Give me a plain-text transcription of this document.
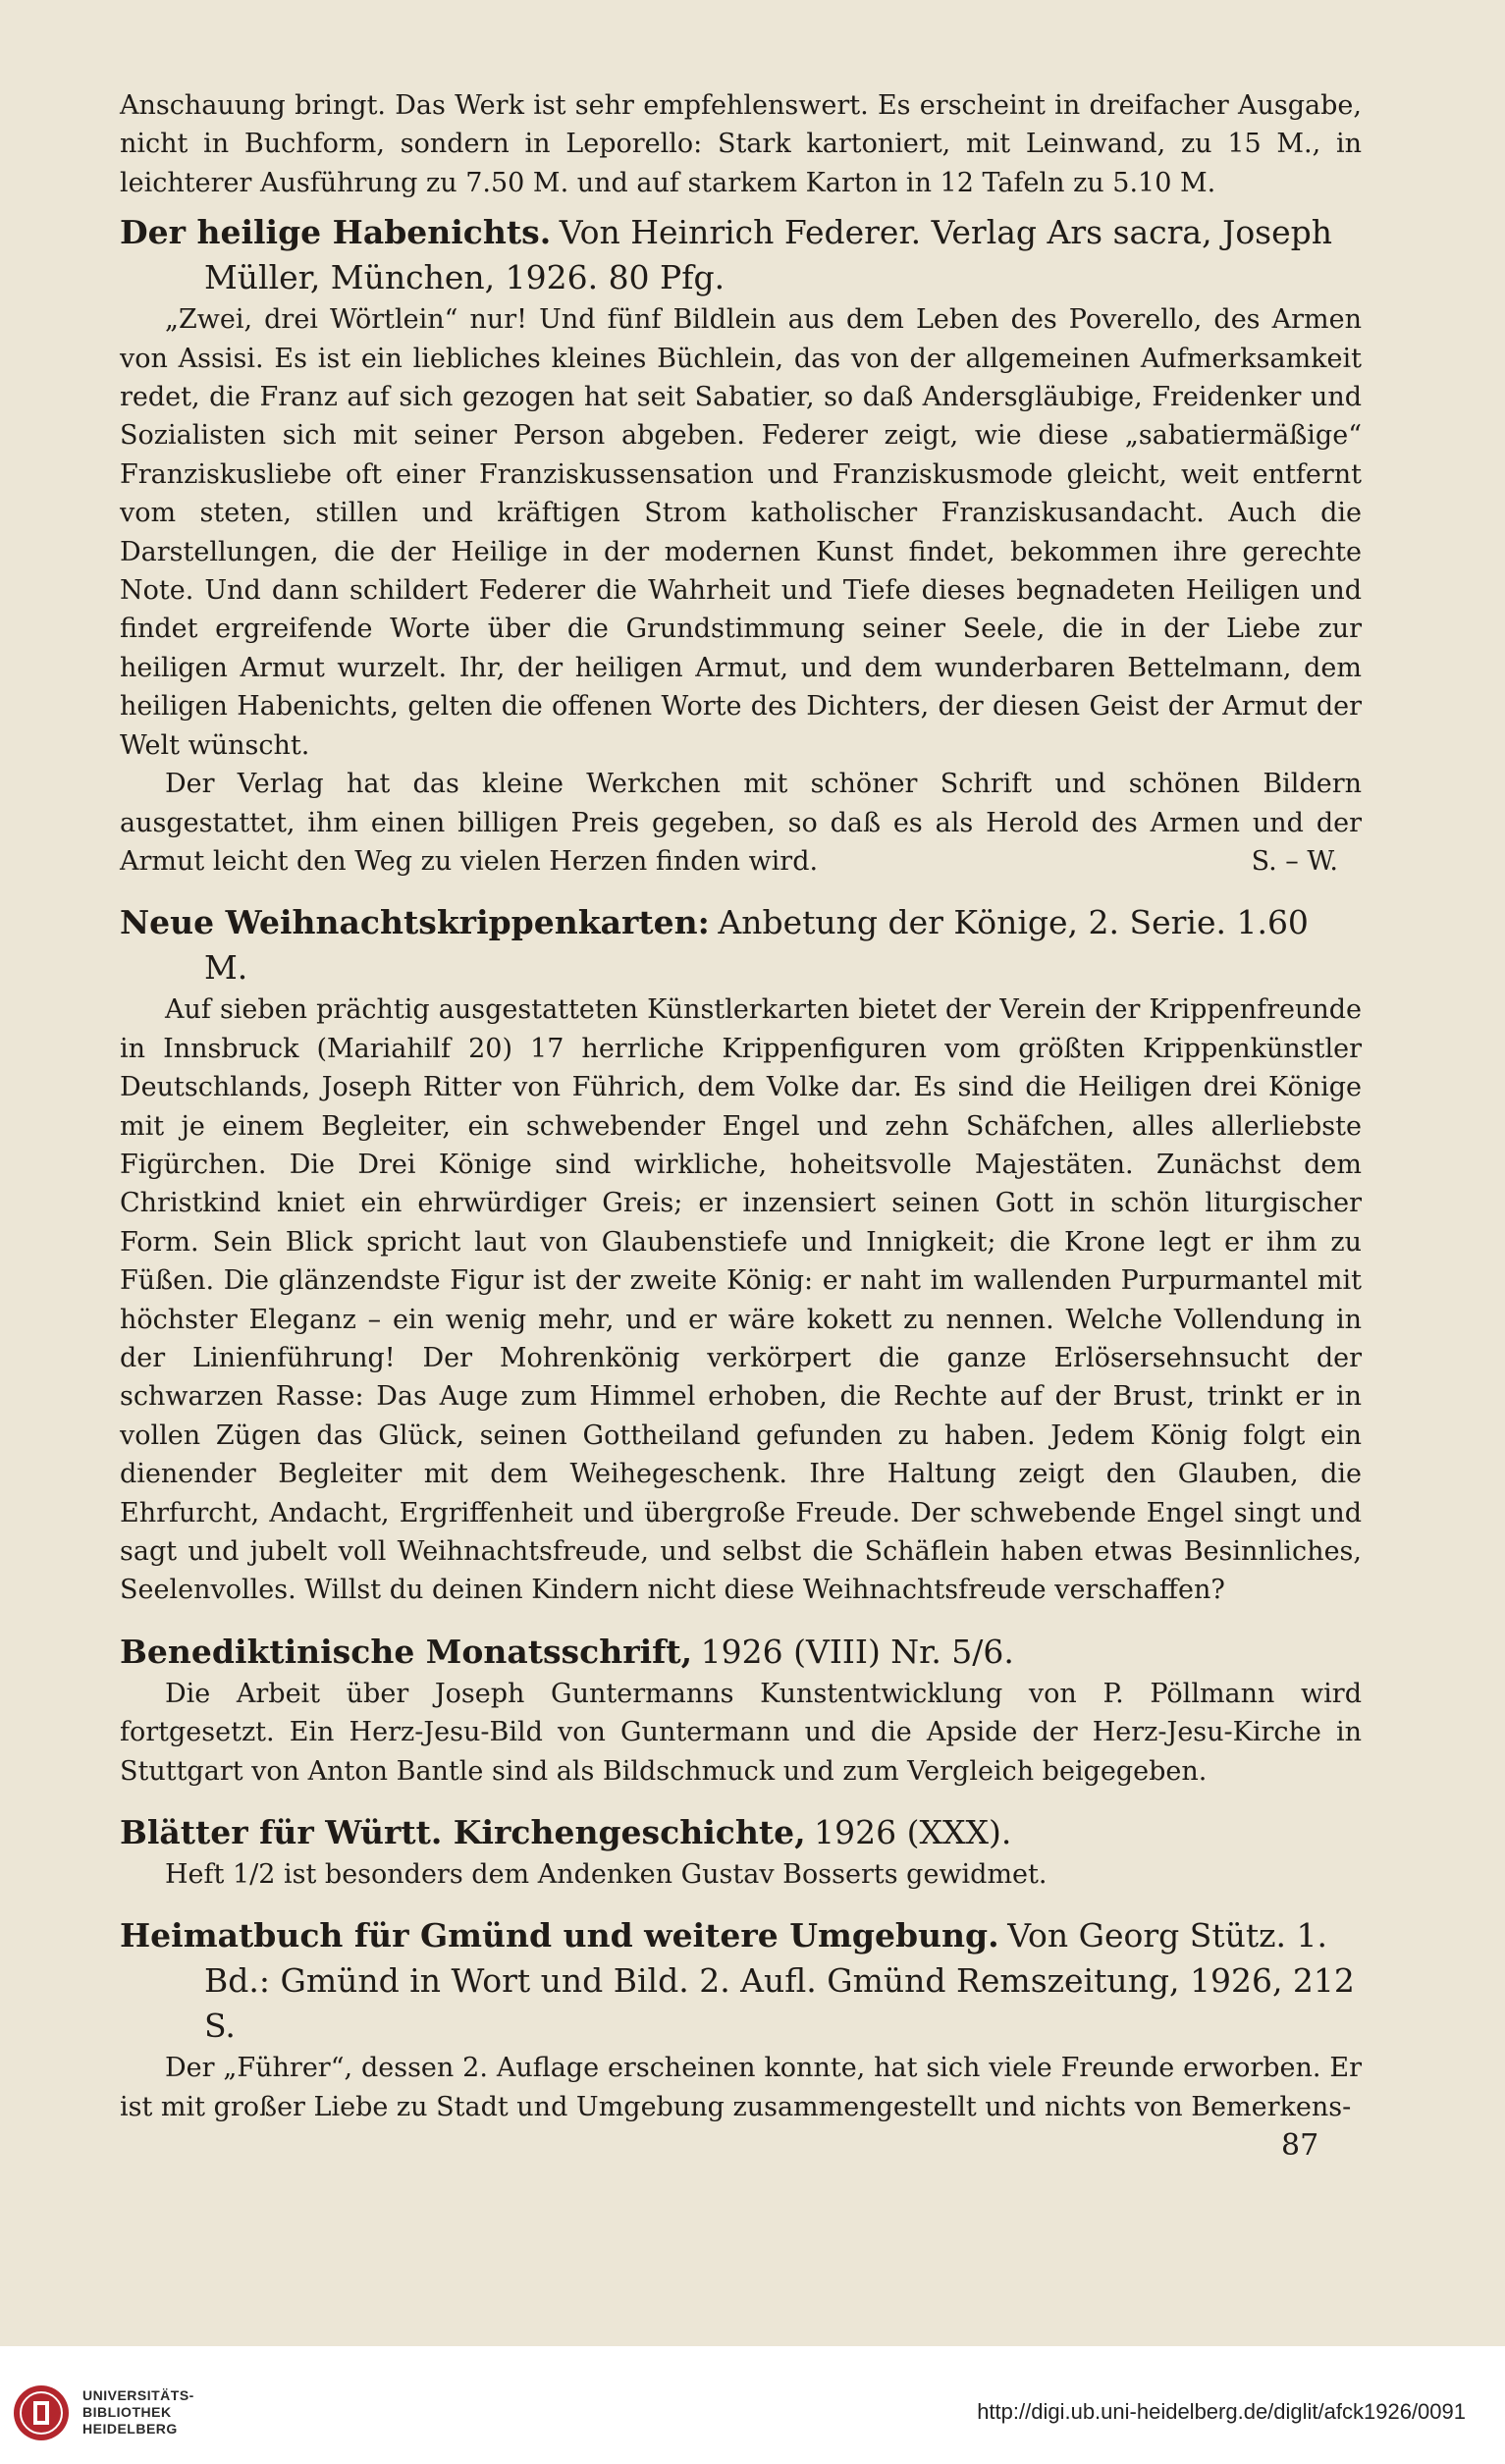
Anschauung bringt. Das Werk ist sehr empfehlenswert. Es erscheint in dreifacher Ausgabe, nicht in Buchform, sondern in Leporello: Stark kartoniert, mit Leinwand, zu 15 M., in leichterer Ausführung zu 7.50 M. und auf starkem Karton in 12 Tafeln zu 5.10 M.

Der heilige Habenichts. Von Heinrich Federer. Verlag Ars sacra, Joseph Müller, München, 1926. 80 Pfg.

„Zwei, drei Wörtlein“ nur! Und fünf Bildlein aus dem Leben des Poverello, des Armen von Assisi. Es ist ein liebliches kleines Büchlein, das von der allgemeinen Aufmerksamkeit redet, die Franz auf sich gezogen hat seit Sabatier, so daß Andersgläubige, Freidenker und Sozialisten sich mit seiner Person abgeben. Federer zeigt, wie diese „sabatiermäßige“ Franziskusliebe oft einer Franziskussensation und Franziskusmode gleicht, weit entfernt vom steten, stillen und kräftigen Strom katholischer Franziskusandacht. Auch die Darstellungen, die der Heilige in der modernen Kunst findet, bekommen ihre gerechte Note. Und dann schildert Federer die Wahrheit und Tiefe dieses begnadeten Heiligen und findet ergreifende Worte über die Grundstimmung seiner Seele, die in der Liebe zur heiligen Armut wurzelt. Ihr, der heiligen Armut, und dem wunderbaren Bettelmann, dem heiligen Habenichts, gelten die offenen Worte des Dichters, der diesen Geist der Armut der Welt wünscht.

Der Verlag hat das kleine Werkchen mit schöner Schrift und schönen Bildern ausgestattet, ihm einen billigen Preis gegeben, so daß es als Herold des Armen und der Armut leicht den Weg zu vielen Herzen finden wird.	S. – W.

Neue Weihnachtskrippenkarten: Anbetung der Könige, 2. Serie. 1.60 M.

Auf sieben prächtig ausgestatteten Künstlerkarten bietet der Verein der Krippenfreunde in Innsbruck (Mariahilf 20) 17 herrliche Krippenfiguren vom größten Krippenkünstler Deutschlands, Joseph Ritter von Führich, dem Volke dar. Es sind die Heiligen drei Könige mit je einem Begleiter, ein schwebender Engel und zehn Schäfchen, alles allerliebste Figürchen. Die Drei Könige sind wirkliche, hoheitsvolle Majestäten. Zunächst dem Christkind kniet ein ehrwürdiger Greis; er inzensiert seinen Gott in schön liturgischer Form. Sein Blick spricht laut von Glaubenstiefe und Innigkeit; die Krone legt er ihm zu Füßen. Die glänzendste Figur ist der zweite König: er naht im wallenden Purpurmantel mit höchster Eleganz – ein wenig mehr, und er wäre kokett zu nennen. Welche Vollendung in der Linienführung! Der Mohrenkönig verkörpert die ganze Erlösersehnsucht der schwarzen Rasse: Das Auge zum Himmel erhoben, die Rechte auf der Brust, trinkt er in vollen Zügen das Glück, seinen Gottheiland gefunden zu haben. Jedem König folgt ein dienender Begleiter mit dem Weihegeschenk. Ihre Haltung zeigt den Glauben, die Ehrfurcht, Andacht, Ergriffenheit und übergroße Freude. Der schwebende Engel singt und sagt und jubelt voll Weihnachtsfreude, und selbst die Schäflein haben etwas Besinnliches, Seelenvolles. Willst du deinen Kindern nicht diese Weihnachtsfreude verschaffen?

Benediktinische Monatsschrift, 1926 (VIII) Nr. 5/6.

Die Arbeit über Joseph Guntermanns Kunstentwicklung von P. Pöllmann wird fortgesetzt. Ein Herz-Jesu-Bild von Guntermann und die Apside der Herz-Jesu-Kirche in Stuttgart von Anton Bantle sind als Bildschmuck und zum Vergleich beigegeben.

Blätter für Württ. Kirchengeschichte, 1926 (XXX).

Heft 1/2 ist besonders dem Andenken Gustav Bosserts gewidmet.

Heimatbuch für Gmünd und weitere Umgebung. Von Georg Stütz. 1. Bd.: Gmünd in Wort und Bild. 2. Aufl. Gmünd Remszeitung, 1926, 212 S.

Der „Führer“, dessen 2. Auflage erscheinen konnte, hat sich viele Freunde erworben. Er ist mit großer Liebe zu Stadt und Umgebung zusammengestellt und nichts von Bemerkens-

87
UNIVERSITÄTS-
BIBLIOTHEK
HEIDELBERG
http://digi.ub.uni-heidelberg.de/diglit/afck1926/0091
